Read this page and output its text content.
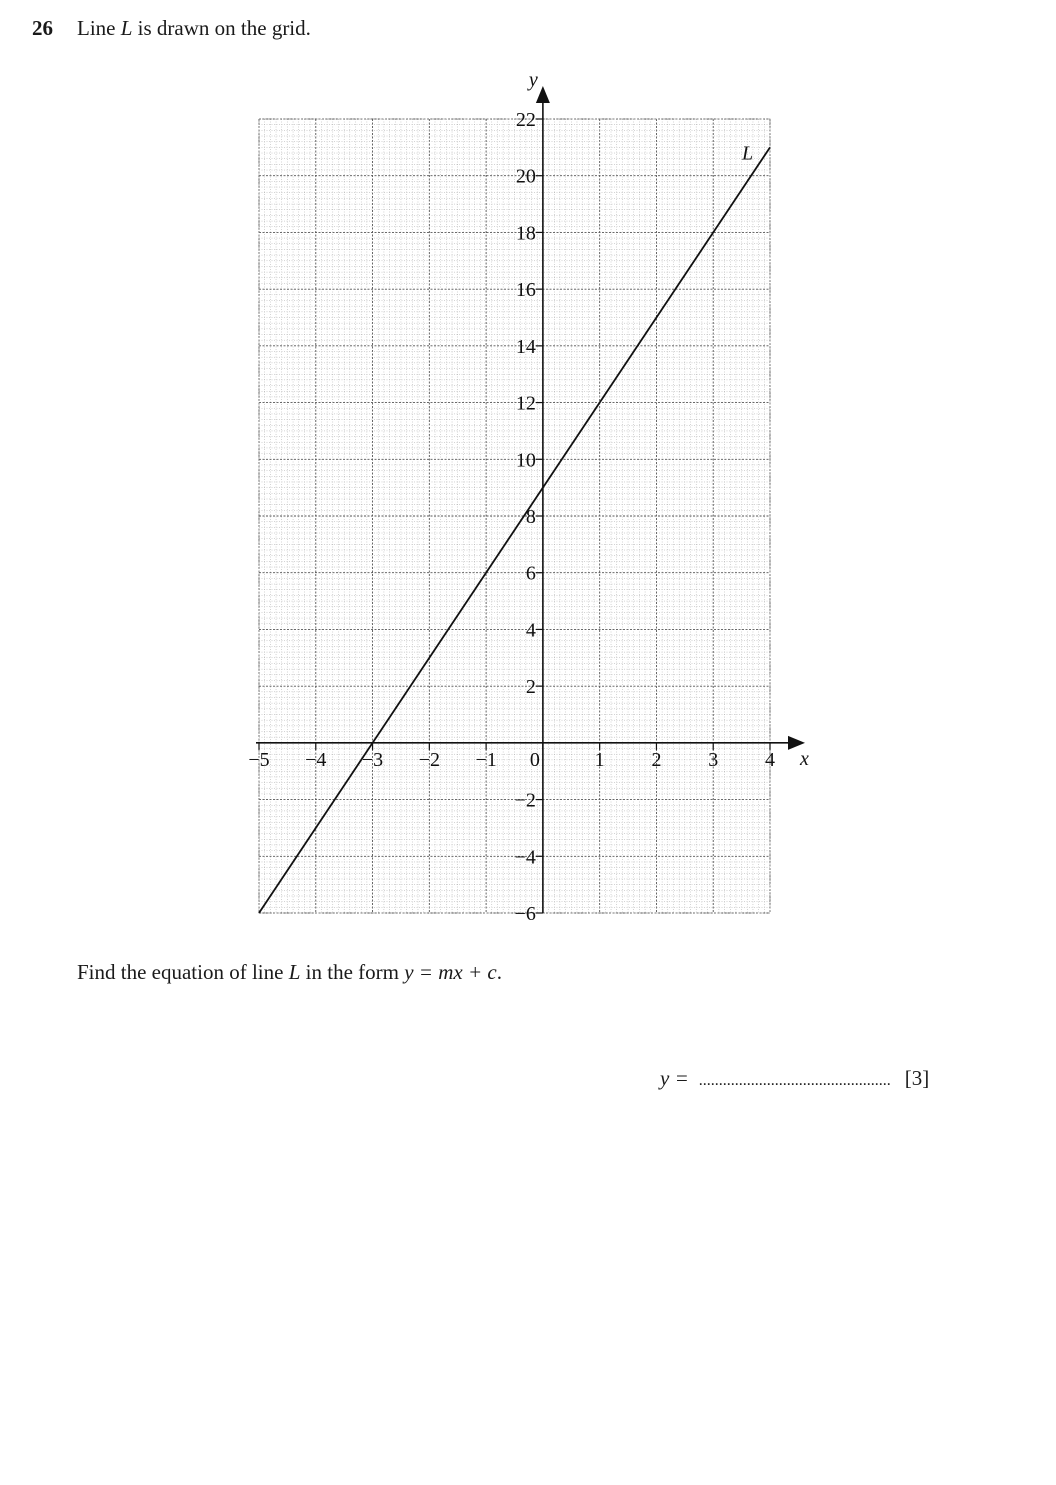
26 Line L is drawn on the grid.
x
y
−5 −4 −3 −2 −1 0	1 2 3 4
−6
−4
−2
2
4
6
8
10
12
14
16
18
20
22
L
Find the equation of line L in the form y = mx + c.
y = ................................................ [3]
